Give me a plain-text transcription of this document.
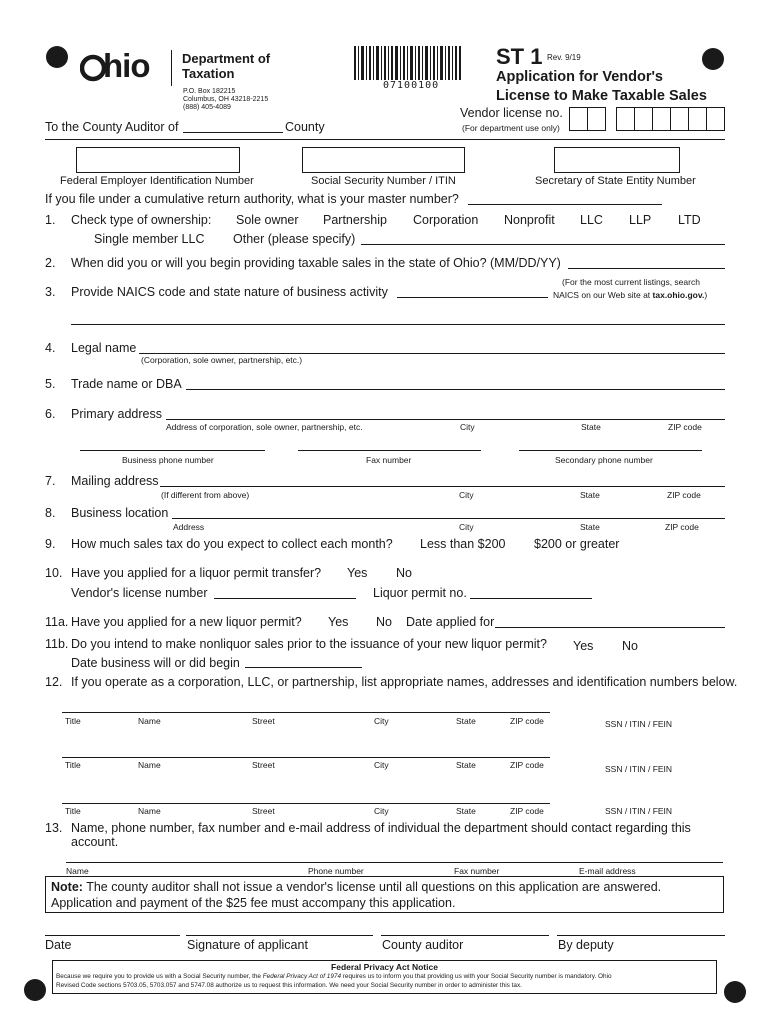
hio	Department of Taxation
P.O. Box 182215
Columbus, OH 43218-2215
(888) 405-4089
07100100
ST 1 Rev. 9/19
Application for Vendor's
License to Make Taxable Sales
Vendor license no.
(For department use only)
To the County Auditor of	County
Federal Employer Identification Number	Social Security Number / ITIN	Secretary of State Entity Number
If you file under a cumulative return authority, what is your master number?
1. Check type of ownership: Sole owner Partnership Corporation Nonprofit LLC LLP LTD
Single member LLC Other (please specify)
2. When did you or will you begin providing taxable sales in the state of Ohio? (MM/DD/YY)
3. Provide NAICS code and state nature of business activity
(For the most current listings, search
NAICS on our Web site at tax.ohio.gov.)
4. Legal name
(Corporation, sole owner, partnership, etc.)
5. Trade name or DBA
6. Primary address
Address of corporation, sole owner, partnership, etc.	City	State	ZIP code
Business phone number	Fax number	Secondary phone number
7. Mailing address
(If different from above)	City	State	ZIP code
8. Business location
Address	City	State	ZIP code
9. How much sales tax do you expect to collect each month? Less than $200 $200 or greater
10. Have you applied for a liquor permit transfer? Yes No
Vendor's license number	Liquor permit no.
11a. Have you applied for a new liquor permit? Yes No Date applied for
11b. Do you intend to make nonliquor sales prior to the issuance of your new liquor permit? Yes No
Date business will or did begin
12. If you operate as a corporation, LLC, or partnership, list appropriate names, addresses and identification numbers below.
Title	Name	Street	City	State	ZIP code	SSN / ITIN / FEIN
Title	Name	Street	City	State	ZIP code	SSN / ITIN / FEIN
Title	Name	Street	City	State	ZIP code	SSN / ITIN / FEIN
13. Name, phone number, fax number and e-mail address of individual the department should contact regarding this
account.
Name	Phone number	Fax number	E-mail address
Note: The county auditor shall not issue a vendor's license until all questions on this application are answered.
Application and payment of the $25 fee must accompany this application.
Date	Signature of applicant	County auditor	By deputy
Federal Privacy Act Notice
Because we require you to provide us with a Social Security number, the Federal Privacy Act of 1974 requires us to inform you that providing us with your Social Security number is mandatory. Ohio
Revised Code sections 5703.05, 5703.057 and 5747.08 authorize us to request this information. We need your Social Security number in order to administer this tax.
